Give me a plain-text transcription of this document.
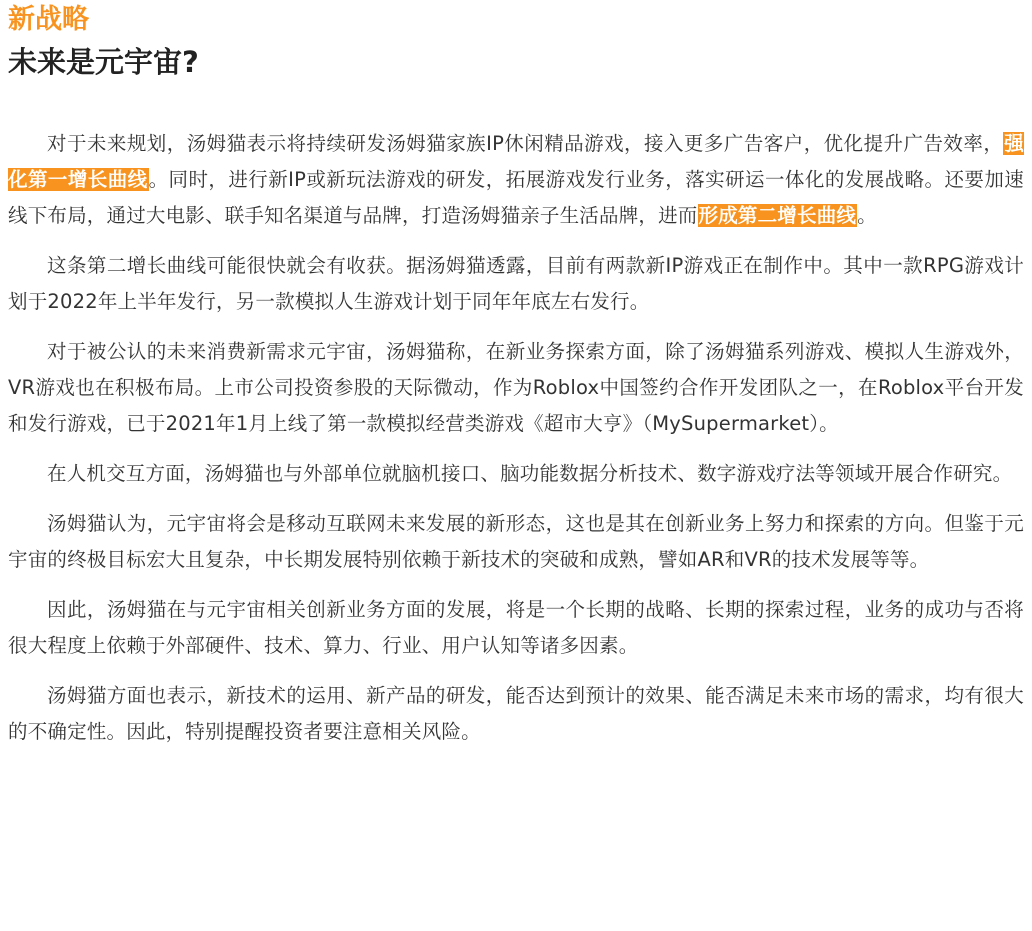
新战略
未来是元宇宙?

对于未来规划，汤姆猫表示将持续研发汤姆猫家族IP休闲精品游戏，接入更多广告客户，优化提升广告效率，强化第一增长曲线。同时，进行新IP或新玩法游戏的研发，拓展游戏发行业务，落实研运一体化的发展战略。还要加速线下布局，通过大电影、联手知名渠道与品牌，打造汤姆猫亲子生活品牌，进而形成第二增长曲线。

这条第二增长曲线可能很快就会有收获。据汤姆猫透露，目前有两款新IP游戏正在制作中。其中一款RPG游戏计划于2022年上半年发行，另一款模拟人生游戏计划于同年年底左右发行。

对于被公认的未来消费新需求元宇宙，汤姆猫称，在新业务探索方面，除了汤姆猫系列游戏、模拟人生游戏外，VR游戏也在积极布局。上市公司投资参股的天际微动，作为Roblox中国签约合作开发团队之一，在Roblox平台开发和发行游戏，已于2021年1月上线了第一款模拟经营类游戏《超市大亨》（MySupermarket）。

在人机交互方面，汤姆猫也与外部单位就脑机接口、脑功能数据分析技术、数字游戏疗法等领域开展合作研究。

汤姆猫认为，元宇宙将会是移动互联网未来发展的新形态，这也是其在创新业务上努力和探索的方向。但鉴于元宇宙的终极目标宏大且复杂，中长期发展特别依赖于新技术的突破和成熟，譬如AR和VR的技术发展等等。

因此，汤姆猫在与元宇宙相关创新业务方面的发展，将是一个长期的战略、长期的探索过程，业务的成功与否将很大程度上依赖于外部硬件、技术、算力、行业、用户认知等诸多因素。

汤姆猫方面也表示，新技术的运用、新产品的研发，能否达到预计的效果、能否满足未来市场的需求，均有很大的不确定性。因此，特别提醒投资者要注意相关风险。
